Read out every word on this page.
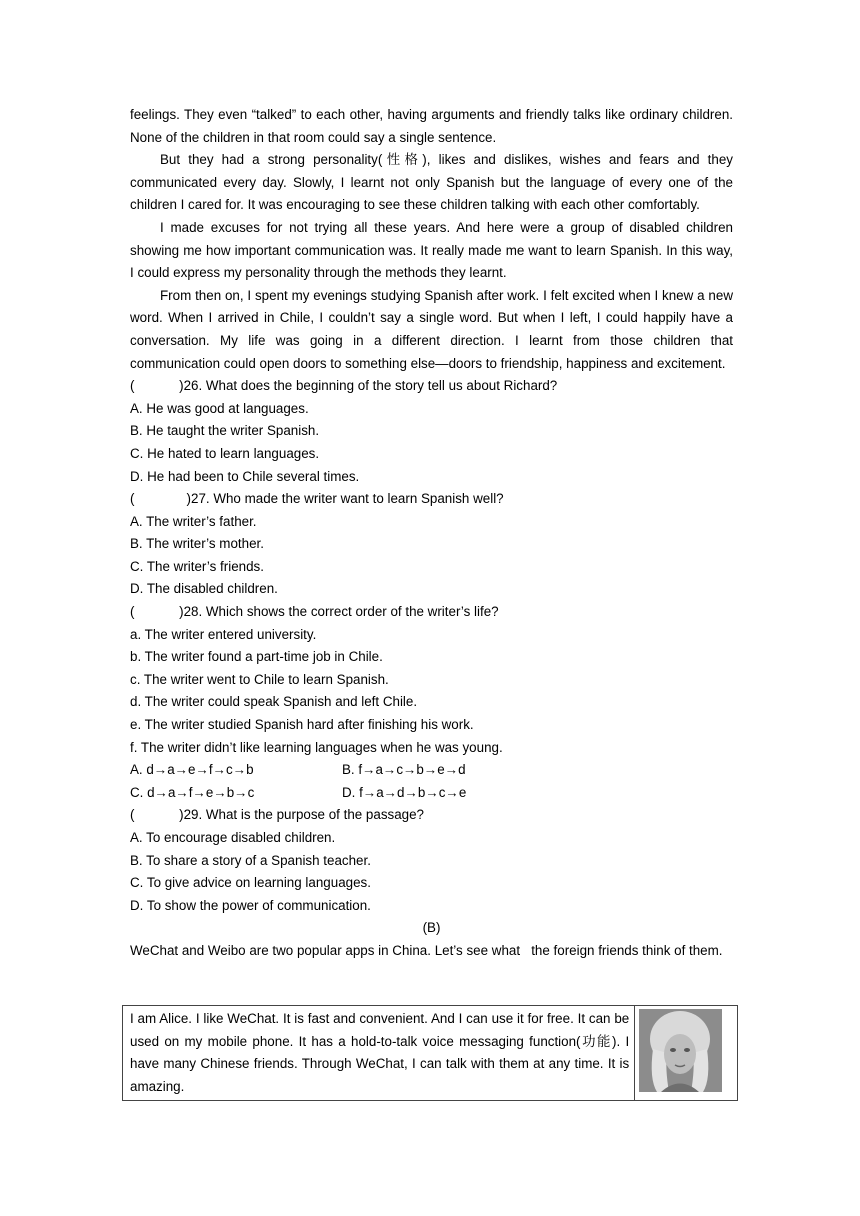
feelings. They even “talked” to each other, having arguments and friendly talks like ordinary children. None of the children in that room could say a single sentence.

But they had a strong personality(性格), likes and dislikes, wishes and fears and they communicated every day. Slowly, I learnt not only Spanish but the language of every one of the children I cared for. It was encouraging to see these children talking with each other comfortably.

I made excuses for not trying all these years. And here were a group of disabled children showing me how important communication was. It really made me want to learn Spanish. In this way, I could express my personality through the methods they learnt.

From then on, I spent my evenings studying Spanish after work. I felt excited when I knew a new word. When I arrived in Chile, I couldn’t say a single word. But when I left, I could happily have a conversation. My life was going in a different direction. I learnt from those children that communication could open doors to something else—doors to friendship, happiness and excitement.

(            )26. What does the beginning of the story tell us about Richard?

A. He was good at languages.

B. He taught the writer Spanish.

C. He hated to learn languages.

D. He had been to Chile several times.

(              )27. Who made the writer want to learn Spanish well?

A. The writer’s father.

B. The writer’s mother.

C. The writer’s friends.

D. The disabled children.

(            )28. Which shows the correct order of the writer’s life?

a. The writer entered university.

b. The writer found a part-time job in Chile.

c. The writer went to Chile to learn Spanish.

d. The writer could speak Spanish and left Chile.

e. The writer studied Spanish hard after finishing his work.

f. The writer didn’t like learning languages when he was young.

A. d→a→e→f→c→b	B. f→a→c→b→e→d
C. d→a→f→e→b→c	D. f→a→d→b→c→e

(            )29. What is the purpose of the passage?

A. To encourage disabled children.

B. To share a story of a Spanish teacher.

C. To give advice on learning languages.

D. To show the power of communication.

(B)

WeChat and Weibo are two popular apps in China. Let’s see what   the foreign friends think of them.

I am Alice. I like WeChat. It is fast and convenient. And I can use it for free. It can be used on my mobile phone. It has a hold-to-talk voice messaging function(功能). I have many Chinese friends. Through WeChat, I can talk with them at any time. It is amazing.	
